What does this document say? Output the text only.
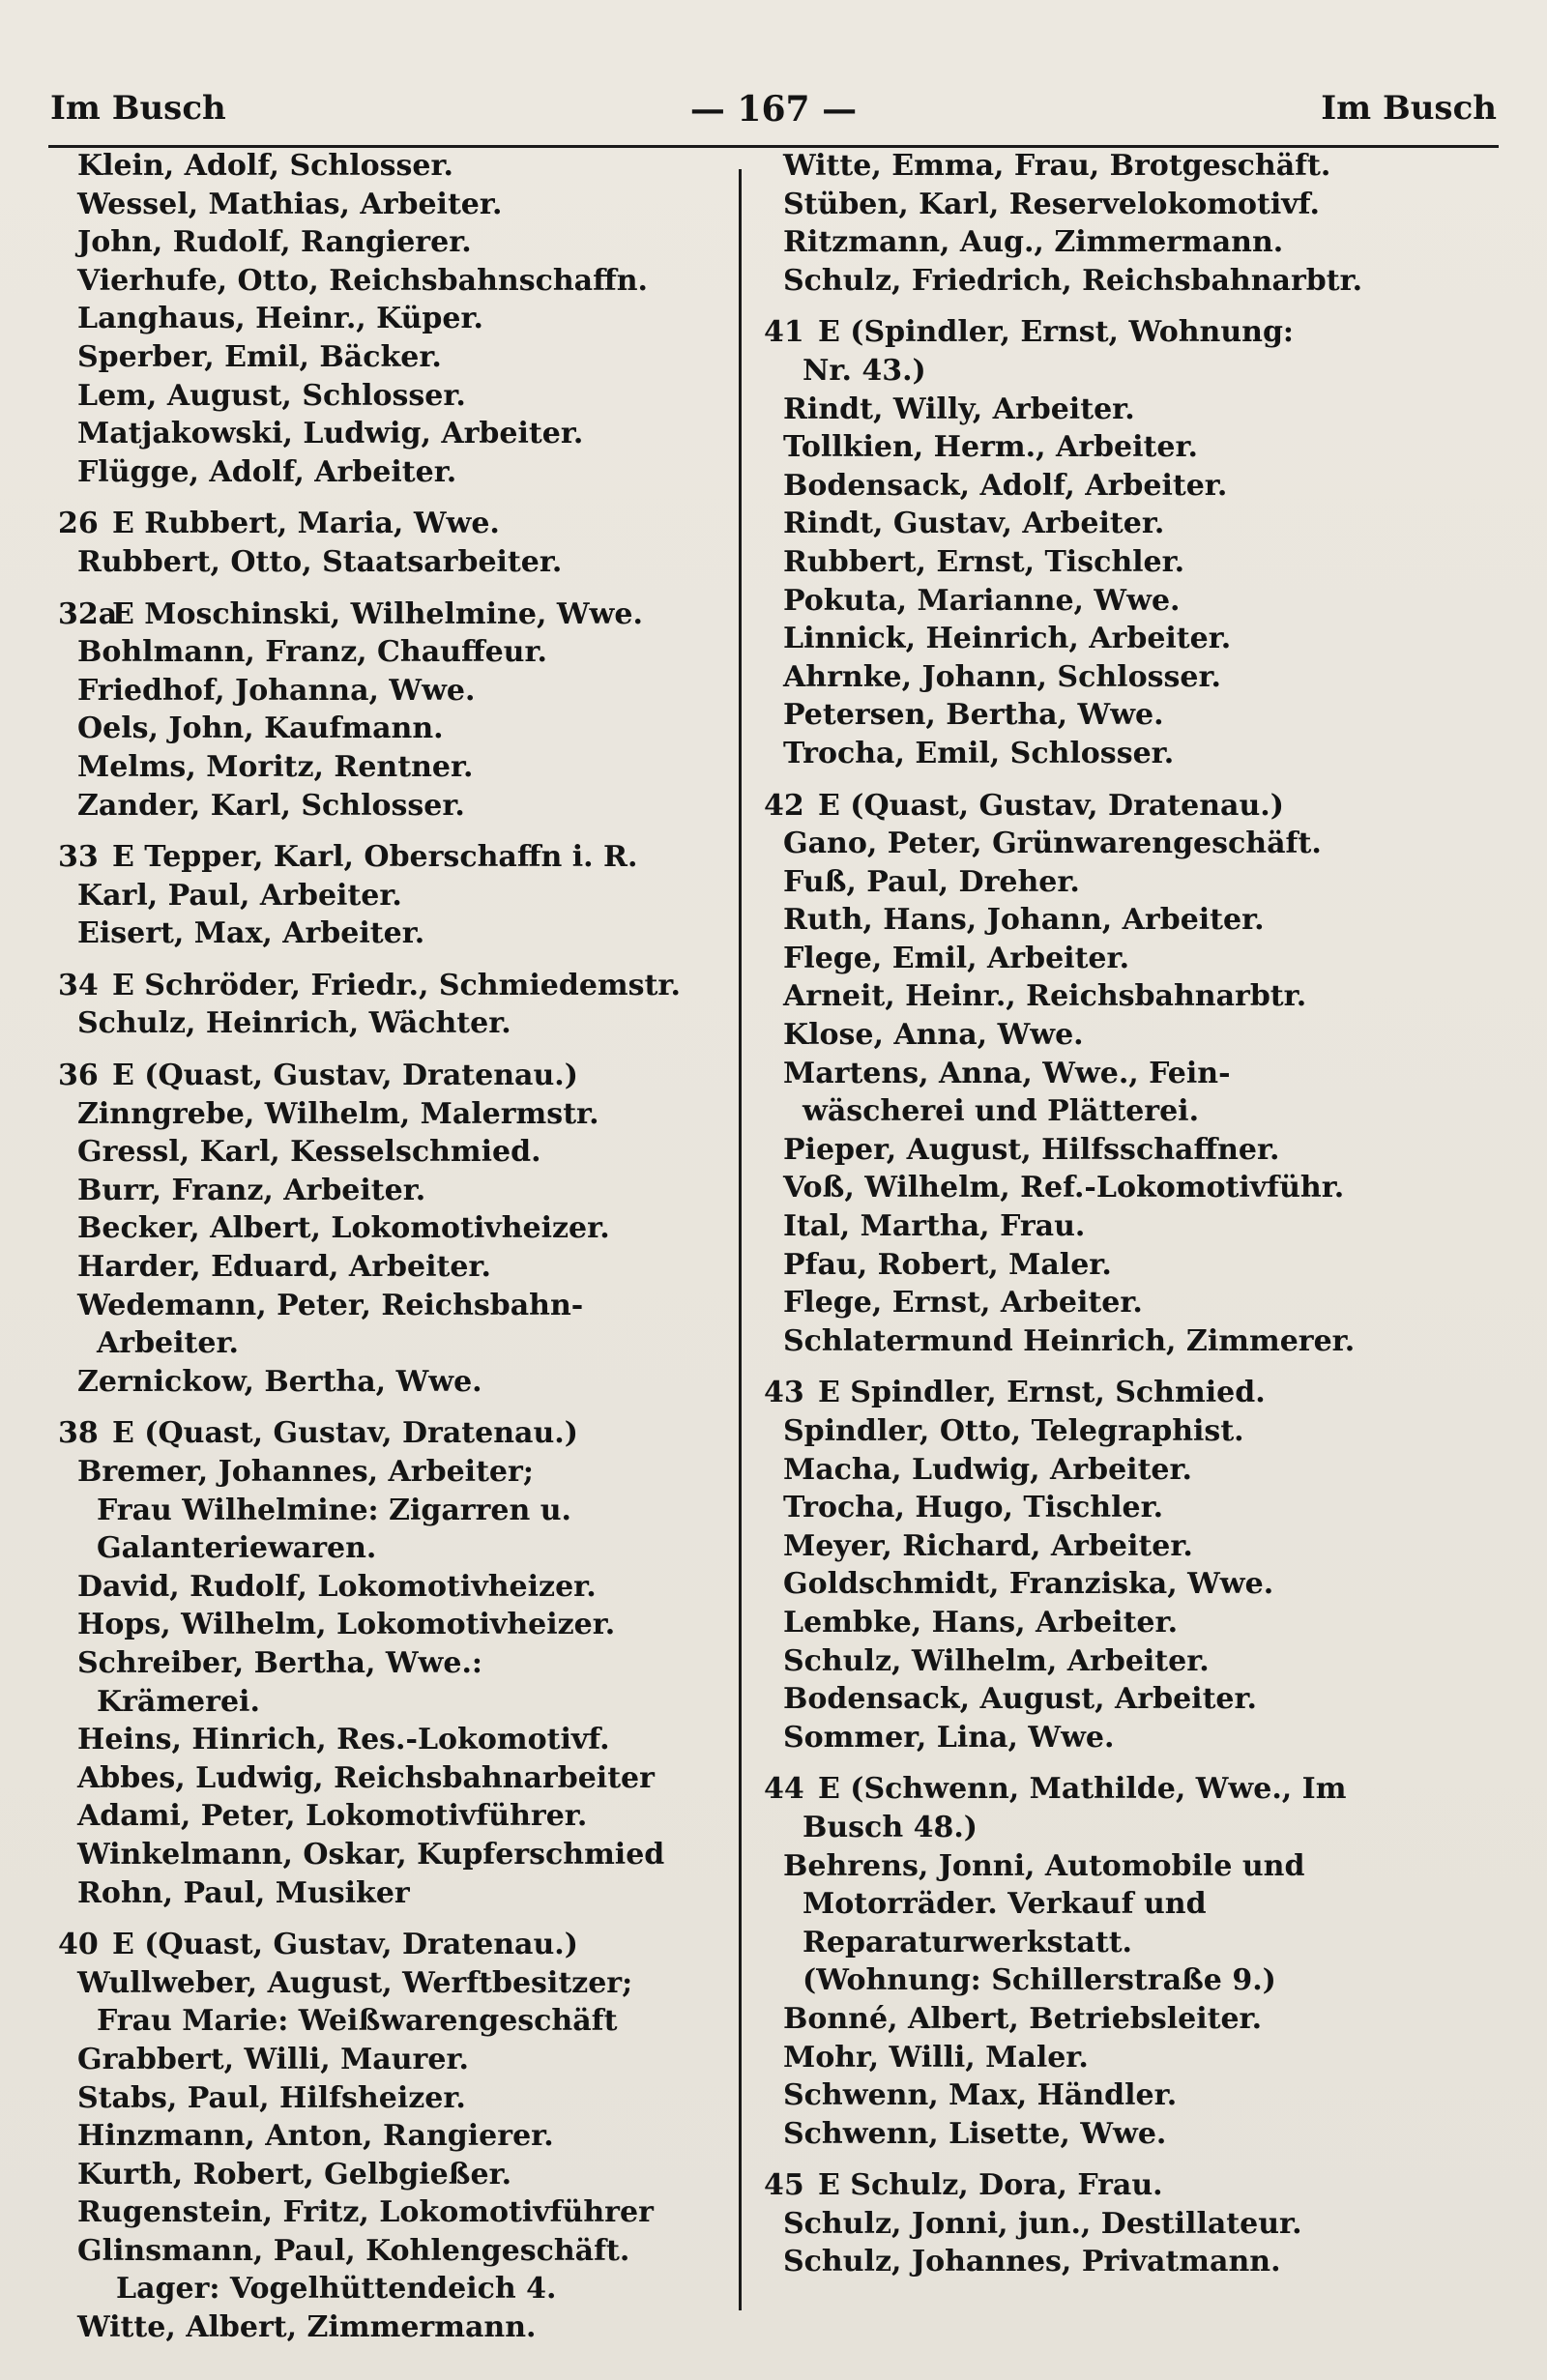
Im Busch	— 167 —	Im Busch
Klein, Adolf, Schlosser.
Wessel, Mathias, Arbeiter.
John, Rudolf, Rangierer.
Vierhufe, Otto, Reichsbahnschaffn.
Langhaus, Heinr., Küper.
Sperber, Emil, Bäcker.
Lem, August, Schlosser.
Matjakowski, Ludwig, Arbeiter.
Flügge, Adolf, Arbeiter.
26 E Rubbert, Maria, Wwe.
Rubbert, Otto, Staatsarbeiter.
32a
E Moschinski, Wilhelmine, Wwe.
Bohlmann, Franz, Chauffeur.
Friedhof, Johanna, Wwe.
Oels, John, Kaufmann.
Melms, Moritz, Rentner.
Zander, Karl, Schlosser.
33 E Tepper, Karl, Oberschaffn i. R.
Karl, Paul, Arbeiter.
Eisert, Max, Arbeiter.
34 E Schröder, Friedr., Schmiedemstr.
Schulz, Heinrich, Wächter.
36 E (Quast, Gustav, Dratenau.)
Zinngrebe, Wilhelm, Malermstr.
Gressl, Karl, Kesselschmied.
Burr, Franz, Arbeiter.
Becker, Albert, Lokomotivheizer.
Harder, Eduard, Arbeiter.
Wedemann, Peter, Reichsbahn-
Arbeiter.
Zernickow, Bertha, Wwe.
38 E (Quast, Gustav, Dratenau.)
Bremer, Johannes, Arbeiter;
Frau Wilhelmine: Zigarren u.
Galanteriewaren.
David, Rudolf, Lokomotivheizer.
Hops, Wilhelm, Lokomotivheizer.
Schreiber, Bertha, Wwe.:
Krämerei.
Heins, Hinrich, Res.-Lokomotivf.
Abbes, Ludwig, Reichsbahnarbeiter
Adami, Peter, Lokomotivführer.
Winkelmann, Oskar, Kupferschmied
Rohn, Paul, Musiker
40 E (Quast, Gustav, Dratenau.)
Wullweber, August, Werftbesitzer;
Frau Marie: Weißwarengeschäft
Grabbert, Willi, Maurer.
Stabs, Paul, Hilfsheizer.
Hinzmann, Anton, Rangierer.
Kurth, Robert, Gelbgießer.
Rugenstein, Fritz, Lokomotivführer
Glinsmann, Paul, Kohlengeschäft.
Lager: Vogelhüttendeich 4.
Witte, Albert, Zimmermann.
Witte, Emma, Frau, Brotgeschäft.
Stüben, Karl, Reservelokomotivf.
Ritzmann, Aug., Zimmermann.
Schulz, Friedrich, Reichsbahnarbtr.
41 E (Spindler, Ernst, Wohnung:
Nr. 43.)
Rindt, Willy, Arbeiter.
Tollkien, Herm., Arbeiter.
Bodensack, Adolf, Arbeiter.
Rindt, Gustav, Arbeiter.
Rubbert, Ernst, Tischler.
Pokuta, Marianne, Wwe.
Linnick, Heinrich, Arbeiter.
Ahrnke, Johann, Schlosser.
Petersen, Bertha, Wwe.
Trocha, Emil, Schlosser.
42 E (Quast, Gustav, Dratenau.)
Gano, Peter, Grünwarengeschäft.
Fuß, Paul, Dreher.
Ruth, Hans, Johann, Arbeiter.
Flege, Emil, Arbeiter.
Arneit, Heinr., Reichsbahnarbtr.
Klose, Anna, Wwe.
Martens, Anna, Wwe., Fein-
wäscherei und Plätterei.
Pieper, August, Hilfsschaffner.
Voß, Wilhelm, Ref.-Lokomotivführ.
Ital, Martha, Frau.
Pfau, Robert, Maler.
Flege, Ernst, Arbeiter.
Schlatermund Heinrich, Zimmerer.
43 E Spindler, Ernst, Schmied.
Spindler, Otto, Telegraphist.
Macha, Ludwig, Arbeiter.
Trocha, Hugo, Tischler.
Meyer, Richard, Arbeiter.
Goldschmidt, Franziska, Wwe.
Lembke, Hans, Arbeiter.
Schulz, Wilhelm, Arbeiter.
Bodensack, August, Arbeiter.
Sommer, Lina, Wwe.
44 E (Schwenn, Mathilde, Wwe., Im
Busch 48.)
Behrens, Jonni, Automobile und
Motorräder. Verkauf und
Reparaturwerkstatt.
(Wohnung: Schillerstraße 9.)
Bonné, Albert, Betriebsleiter.
Mohr, Willi, Maler.
Schwenn, Max, Händler.
Schwenn, Lisette, Wwe.
45 E Schulz, Dora, Frau.
Schulz, Jonni, jun., Destillateur.
Schulz, Johannes, Privatmann.
